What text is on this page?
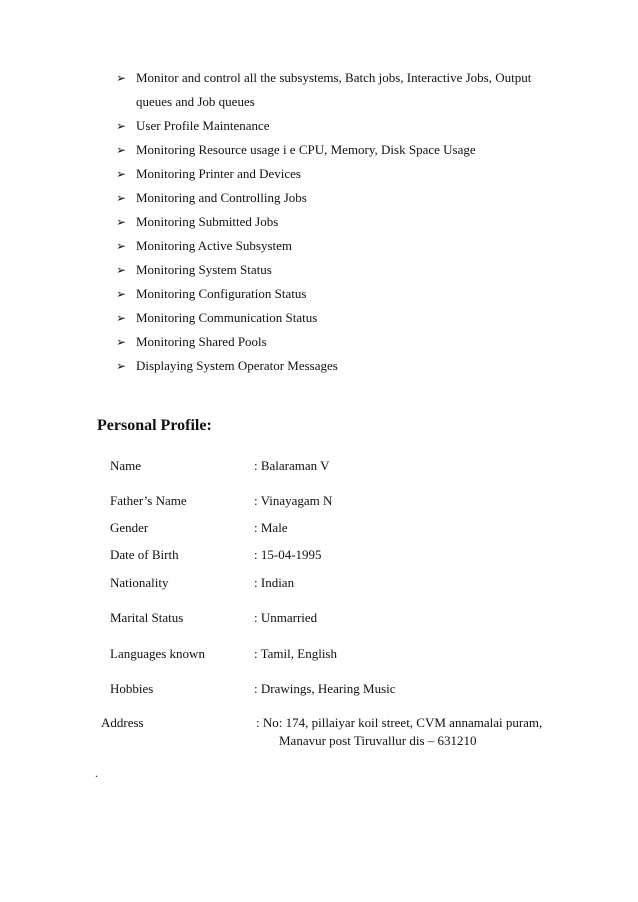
➢ Monitor and control all the subsystems, Batch jobs, Interactive Jobs, Output queues and Job queues
➢ User Profile Maintenance
➢ Monitoring Resource usage i e CPU, Memory, Disk Space Usage
➢ Monitoring Printer and Devices
➢ Monitoring and Controlling Jobs
➢ Monitoring Submitted Jobs
➢ Monitoring Active Subsystem
➢ Monitoring System Status
➢ Monitoring Configuration Status
➢ Monitoring Communication Status
➢ Monitoring Shared Pools
➢ Displaying System Operator Messages
Personal Profile:
Name	: Balaraman V
Father’s Name	: Vinayagam N
Gender	: Male
Date of Birth	: 15-04-1995
Nationality	: Indian
Marital Status	: Unmarried
Languages known	: Tamil, English
Hobbies	: Drawings, Hearing Music
Address	: No: 174, pillaiyar koil street, CVM annamalai puram,
Manavur post Tiruvallur dis – 631210
.
